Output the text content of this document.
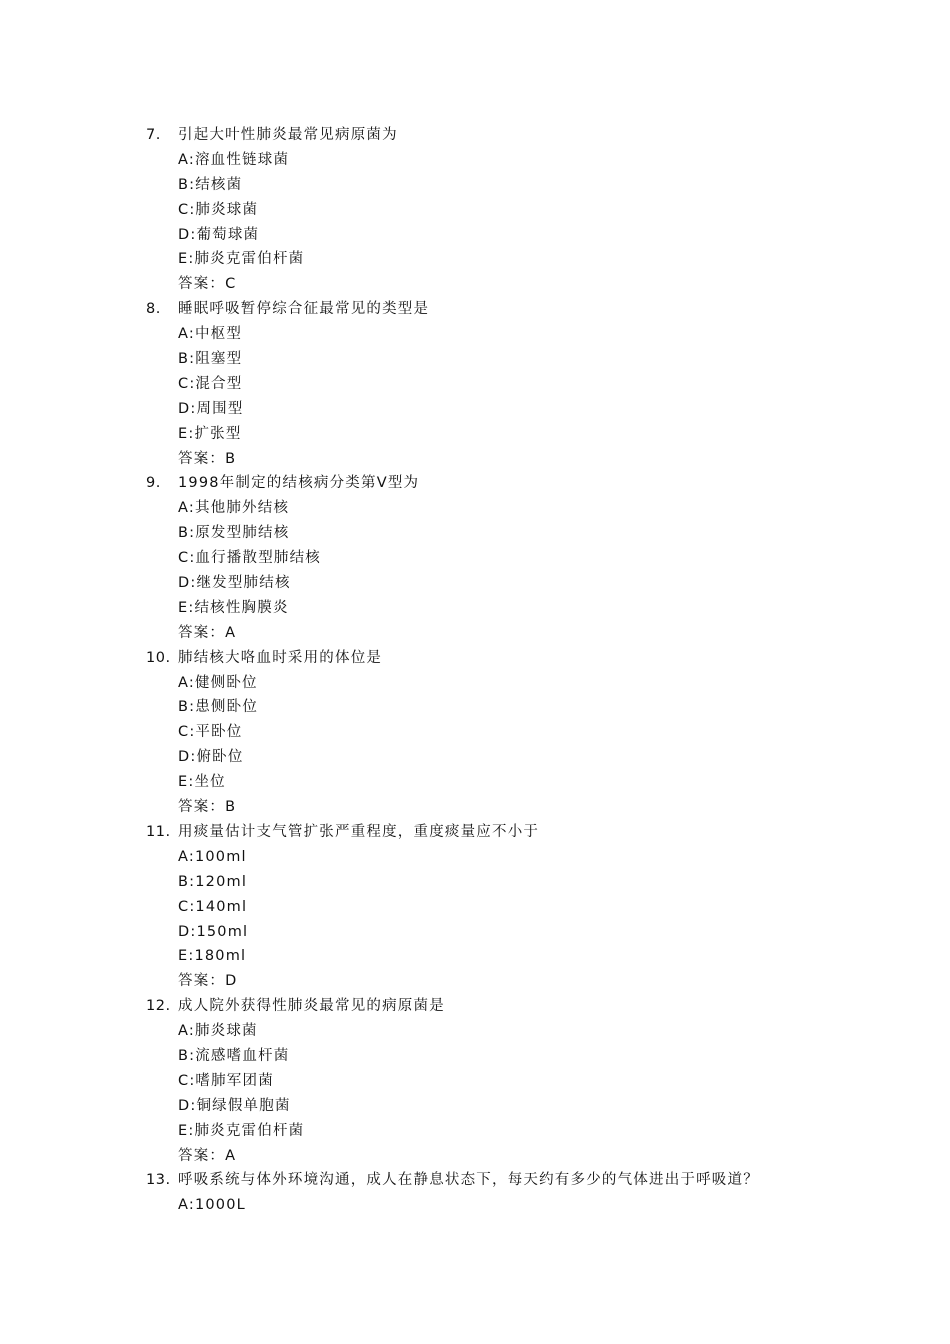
7.	引起大叶性肺炎最常见病原菌为
A:溶血性链球菌
B:结核菌
C:肺炎球菌
D:葡萄球菌
E:肺炎克雷伯杆菌
答案：C
8.	睡眠呼吸暂停综合征最常见的类型是
A:中枢型
B:阻塞型
C:混合型
D:周围型
E:扩张型
答案：B
9.	1998年制定的结核病分类第Ⅴ型为
A:其他肺外结核
B:原发型肺结核
C:血行播散型肺结核
D:继发型肺结核
E:结核性胸膜炎
答案：A
10. 肺结核大咯血时采用的体位是
A:健侧卧位
B:患侧卧位
C:平卧位
D:俯卧位
E:坐位
答案：B
11. 用痰量估计支气管扩张严重程度，重度痰量应不小于
A:100ml
B:120ml
C:140ml
D:150ml
E:180ml
答案：D
12. 成人院外获得性肺炎最常见的病原菌是
A:肺炎球菌
B:流感嗜血杆菌
C:嗜肺军团菌
D:铜绿假单胞菌
E:肺炎克雷伯杆菌
答案：A
13. 呼吸系统与体外环境沟通，成人在静息状态下，每天约有多少的气体进出于呼吸道？
A:1000L
